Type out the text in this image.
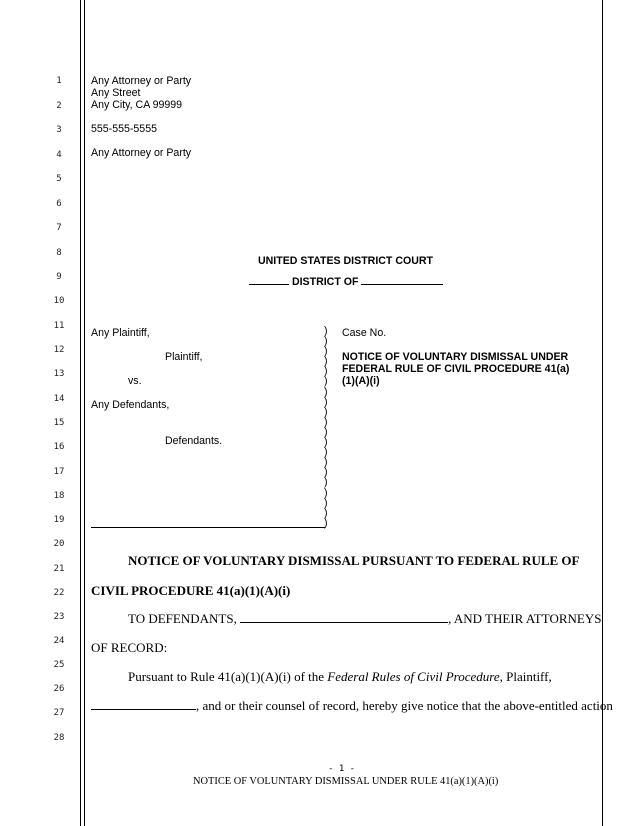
1
2
3
4
5
6
7
8
9
10
11
12
13
14
15
16
17
18
19
20
21
22
23
24
25
26
27
28
Any Attorney or Party
Any Street
Any City, CA 99999
555-555-5555
Any Attorney or Party
UNITED STATES DISTRICT COURT
DISTRICT OF
Any Plaintiff,
Plaintiff,
vs.
Any Defendants,
Defendants.
)
)
)
)
)
)
)
)
)
)
)
)
)
)
)
)
)
)
)
)
Case No.
NOTICE OF VOLUNTARY DISMISSAL UNDER
FEDERAL RULE OF CIVIL PROCEDURE 41(a)
(1)(A)(i)
NOTICE OF VOLUNTARY DISMISSAL PURSUANT TO FEDERAL RULE OF
CIVIL PROCEDURE 41(a)(1)(A)(i)
TO DEFENDANTS,	, AND THEIR ATTORNEYS
OF RECORD:
Pursuant to Rule 41(a)(1)(A)(i) of the Federal Rules of Civil Procedure, Plaintiff,
, and or their counsel of record, hereby give notice that the above-entitled action
- 1 -
NOTICE OF VOLUNTARY DISMISSAL UNDER RULE 41(a)(1)(A)(i)
